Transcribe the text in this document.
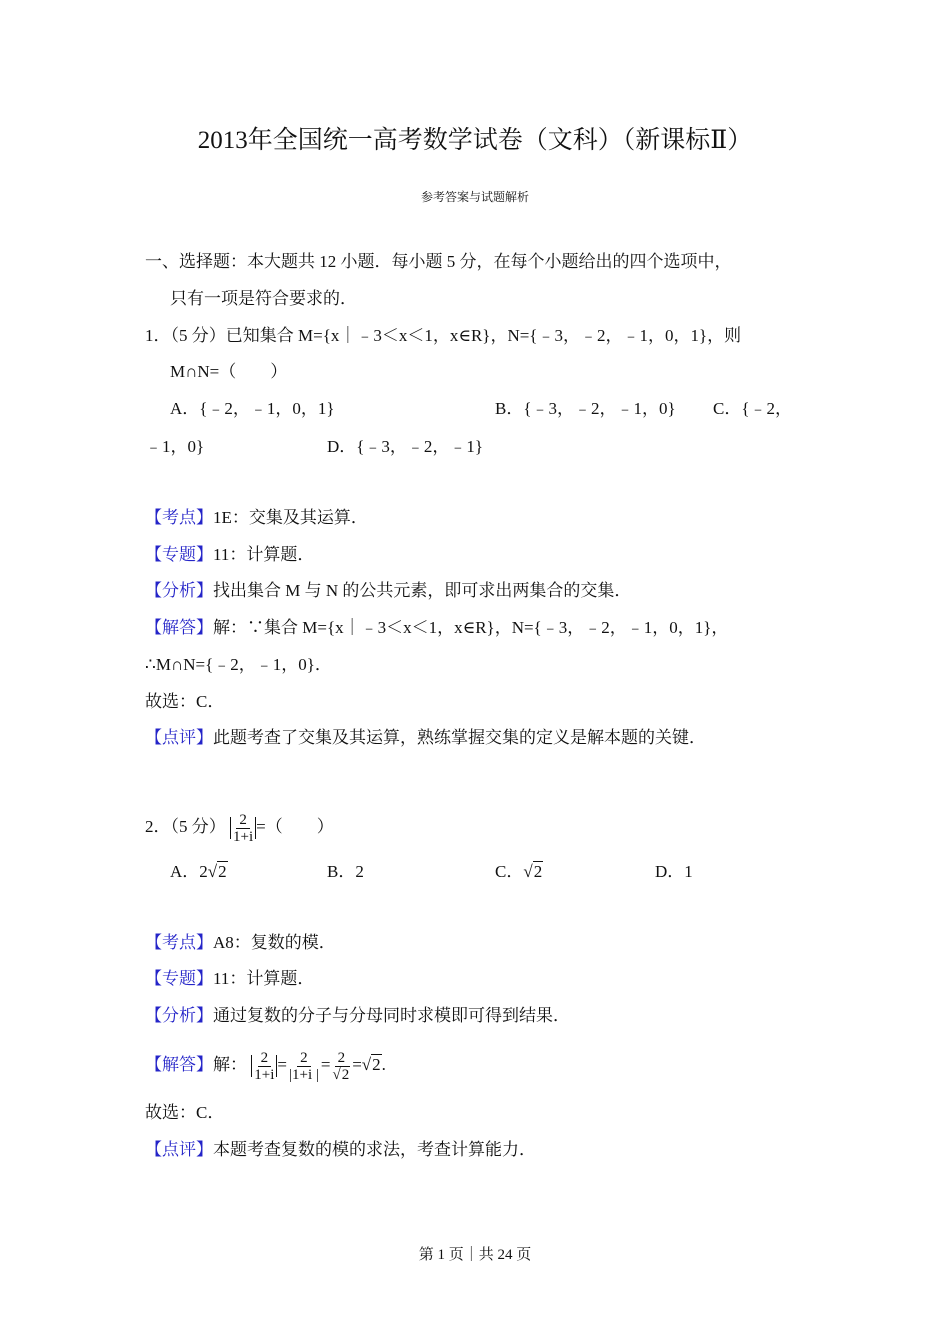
2013年全国统一高考数学试卷（文科）（新课标Ⅱ）
参考答案与试题解析
一、选择题：本大题共 12 小题．每小题 5 分，在每个小题给出的四个选项中，
只有一项是符合要求的．
1．（5 分）已知集合 M={x｜﹣3＜x＜1，x∈R}，N={﹣3，﹣2，﹣1，0，1}，则
M∩N=（　　）
A．{﹣2，﹣1，0，1}	B．{﹣3，﹣2，﹣1，0} C．{﹣2，
﹣1，0}	D．{﹣3，﹣2，﹣1}
【考点】1E：交集及其运算．
【专题】11：计算题．
【分析】找出集合 M 与 N 的公共元素，即可求出两集合的交集．
【解答】解：∵集合 M={x｜﹣3＜x＜1，x∈R}，N={﹣3，﹣2，﹣1，0，1}，
∴M∩N={﹣2，﹣1，0}．
故选：C．
【点评】此题考查了交集及其运算，熟练掌握交集的定义是解本题的关键．
2．（5 分） $\frac{2}{1+i}$ =（　　）
A．2√2	B．2	C．√2	D．1
【考点】A8：复数的模．
【专题】11：计算题．
【分析】通过复数的分子与分母同时求模即可得到结果．
【解答】解： $\frac{2}{1+i} = \frac{2}{|1+i |} = \frac{2}{√2} =√2$.
故选：C．
【点评】本题考查复数的模的求法，考查计算能力．
第 1 页｜共 24 页
